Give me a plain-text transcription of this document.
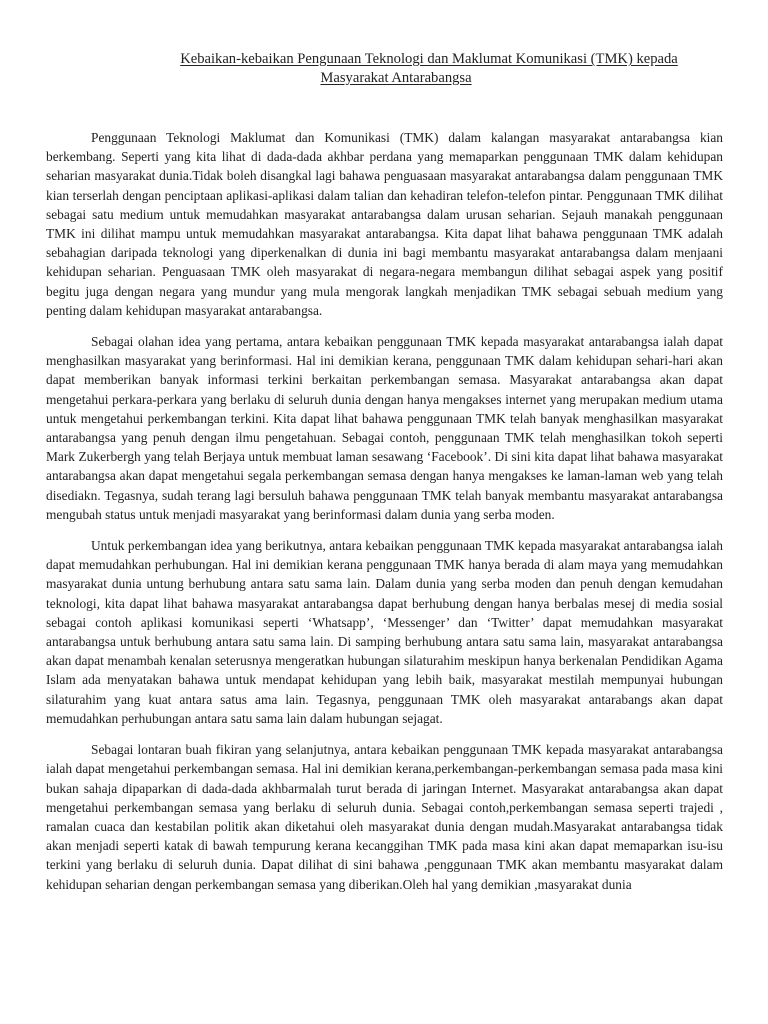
Kebaikan-kebaikan Pengunaan Teknologi dan Maklumat Komunikasi (TMK) kepada
Masyarakat Antarabangsa

Penggunaan Teknologi Maklumat dan Komunikasi (TMK) dalam kalangan masyarakat antarabangsa kian berkembang. Seperti yang kita lihat di dada-dada akhbar perdana yang memaparkan penggunaan TMK dalam kehidupan seharian masyarakat dunia.Tidak boleh disangkal lagi bahawa penguasaan masyarakat antarabangsa dalam penggunaan TMK kian terserlah dengan penciptaan aplikasi-aplikasi dalam talian dan kehadiran telefon-telefon pintar. Penggunaan TMK dilihat sebagai satu medium untuk memudahkan masyarakat antarabangsa dalam urusan seharian. Sejauh manakah penggunaan TMK ini dilihat mampu untuk memudahkan masyarakat antarabangsa. Kita dapat lihat bahawa penggunaan TMK adalah sebahagian daripada teknologi yang diperkenalkan di dunia ini bagi membantu masyarakat antarabangsa dalam menjaani kehidupan seharian. Penguasaan TMK oleh masyarakat di negara-negara membangun dilihat sebagai aspek yang positif begitu juga dengan negara yang mundur yang mula mengorak langkah menjadikan TMK sebagai sebuah medium yang penting dalam kehidupan masyarakat antarabangsa.

Sebagai olahan idea yang pertama, antara kebaikan penggunaan TMK kepada masyarakat antarabangsa ialah dapat menghasilkan masyarakat yang berinformasi. Hal ini demikian kerana, penggunaan TMK dalam kehidupan sehari-hari akan dapat memberikan banyak informasi terkini berkaitan perkembangan semasa. Masyarakat antarabangsa akan dapat mengetahui perkara-perkara yang berlaku di seluruh dunia dengan hanya mengakses internet yang merupakan medium utama untuk mengetahui perkembangan terkini. Kita dapat lihat bahawa penggunaan TMK telah banyak menghasilkan masyarakat antarabangsa yang penuh dengan ilmu pengetahuan. Sebagai contoh, penggunaan TMK telah menghasilkan tokoh seperti Mark Zukerbergh yang telah Berjaya untuk membuat laman sesawang ‘Facebook’. Di sini kita dapat lihat bahawa masyarakat antarabangsa akan dapat mengetahui segala perkembangan semasa dengan hanya mengakses ke laman-laman web yang telah disediakn. Tegasnya, sudah terang lagi bersuluh bahawa penggunaan TMK telah banyak membantu masyarakat antarabangsa mengubah status untuk menjadi masyarakat yang berinformasi dalam dunia yang serba moden.

Untuk perkembangan idea yang berikutnya, antara kebaikan penggunaan TMK kepada masyarakat antarabangsa ialah dapat memudahkan perhubungan. Hal ini demikian kerana penggunaan TMK hanya berada di alam maya yang memudahkan masyarakat dunia untung berhubung antara satu sama lain. Dalam dunia yang serba moden dan penuh dengan kemudahan teknologi, kita dapat lihat bahawa masyarakat antarabangsa dapat berhubung dengan hanya berbalas mesej di media sosial sebagai contoh aplikasi komunikasi seperti ‘Whatsapp’, ‘Messenger’ dan ‘Twitter’ dapat memudahkan masyarakat antarabangsa untuk berhubung antara satu sama lain. Di samping berhubung antara satu sama lain, masyarakat antarabangsa akan dapat menambah kenalan seterusnya mengeratkan hubungan silaturahim meskipun hanya berkenalan Pendidikan Agama Islam ada menyatakan bahawa untuk mendapat kehidupan yang lebih baik, masyarakat mestilah mempunyai hubungan silaturahim yang kuat antara satus ama lain. Tegasnya, penggunaan TMK oleh masyarakat antarabangs akan dapat memudahkan perhubungan antara satu sama lain dalam hubungan sejagat.

Sebagai lontaran buah fikiran yang selanjutnya, antara kebaikan penggunaan TMK kepada masyarakat antarabangsa ialah dapat mengetahui perkembangan semasa. Hal ini demikian kerana,perkembangan-perkembangan semasa pada masa kini bukan sahaja dipaparkan di dada-dada akhbarmalah turut berada di jaringan Internet. Masyarakat antarabangsa akan dapat mengetahui perkembangan semasa yang berlaku di seluruh dunia. Sebagai contoh,perkembangan semasa seperti trajedi , ramalan cuaca dan kestabilan politik akan diketahui oleh masyarakat dunia dengan mudah.Masyarakat antarabangsa tidak akan menjadi seperti katak di bawah tempurung kerana kecanggihan TMK pada masa kini akan dapat memaparkan isu-isu terkini yang berlaku di seluruh dunia. Dapat dilihat di sini bahawa ,penggunaan TMK akan membantu masyarakat dalam kehidupan seharian dengan perkembangan semasa yang diberikan.Oleh hal yang demikian ,masyarakat dunia
